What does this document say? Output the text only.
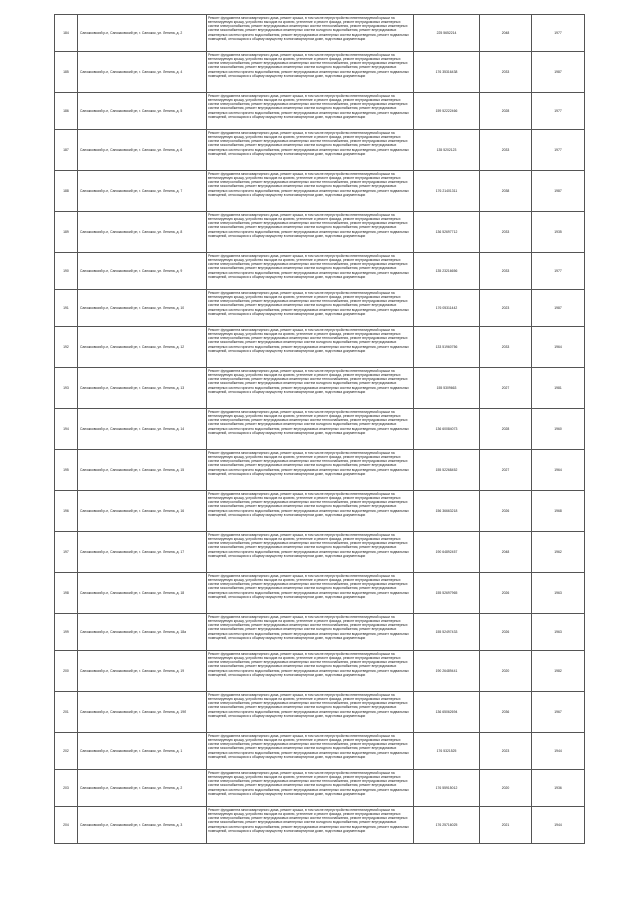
184	Сапожковский р-н, Сапожковский рп, г. Сапожок, ул. Ленина, д. 2	Ремонт фундамента многоквартирного дома, ремонт крыши, в том числе переустройство невентилируемой крыши на вентилируемую крышу, устройство выходов на кровлю, утепление и ремонт фасада, ремонт внутридомовых инженерных систем электроснабжения, ремонт внутридомовых инженерных систем теплоснабжения, ремонт внутридомовых инженерных систем газоснабжения, ремонт внутридомовых инженерных систем холодного водоснабжения, ремонт внутридомовых инженерных систем горячего водоснабжения, ремонт внутридомовых инженерных систем водоотведения, ремонт подвальных помещений, относящихся к общему имуществу в многоквартирном доме, подготовка документации	225 5652214	2048	1977
185	Сапожковский р-н, Сапожковский рп, г. Сапожок, ул. Ленина, д. 4	Ремонт фундамента многоквартирного дома, ремонт крыши, в том числе переустройство невентилируемой крыши на вентилируемую крышу, устройство выходов на кровлю, утепление и ремонт фасада, ремонт внутридомовых инженерных систем электроснабжения, ремонт внутридомовых инженерных систем теплоснабжения, ремонт внутридомовых инженерных систем газоснабжения, ремонт внутридомовых инженерных систем холодного водоснабжения, ремонт внутридомовых инженерных систем горячего водоснабжения, ремонт внутридомовых инженерных систем водоотведения, ремонт подвальных помещений, относящихся к общему имуществу в многоквартирном доме, подготовка документации	176 35316438	2033	1987
186	Сапожковский р-н, Сапожковский рп, г. Сапожок, ул. Ленина, д. 5	Ремонт фундамента многоквартирного дома, ремонт крыши, в том числе переустройство невентилируемой крыши на вентилируемую крышу, устройство выходов на кровлю, утепление и ремонт фасада, ремонт внутридомовых инженерных систем электроснабжения, ремонт внутридомовых инженерных систем теплоснабжения, ремонт внутридомовых инженерных систем газоснабжения, ремонт внутридомовых инженерных систем холодного водоснабжения, ремонт внутридомовых инженерных систем горячего водоснабжения, ремонт внутридомовых инженерных систем водоотведения, ремонт подвальных помещений, относящихся к общему имуществу в многоквартирном доме, подготовка документации	159 52222466	2028	1977
187	Сапожковский р-н, Сапожковский рп, г. Сапожок, ул. Ленина, д. 6	Ремонт фундамента многоквартирного дома, ремонт крыши, в том числе переустройство невентилируемой крыши на вентилируемую крышу, устройство выходов на кровлю, утепление и ремонт фасада, ремонт внутридомовых инженерных систем электроснабжения, ремонт внутридомовых инженерных систем теплоснабжения, ремонт внутридомовых инженерных систем газоснабжения, ремонт внутридомовых инженерных систем холодного водоснабжения, ремонт внутридомовых инженерных систем горячего водоснабжения, ремонт внутридомовых инженерных систем водоотведения, ремонт подвальных помещений, относящихся к общему имуществу в многоквартирном доме, подготовка документации	135 5202123	2033	1977
188	Сапожковский р-н, Сапожковский рп, г. Сапожок, ул. Ленина, д. 7	Ремонт фундамента многоквартирного дома, ремонт крыши, в том числе переустройство невентилируемой крыши на вентилируемую крышу, устройство выходов на кровлю, утепление и ремонт фасада, ремонт внутридомовых инженерных систем электроснабжения, ремонт внутридомовых инженерных систем теплоснабжения, ремонт внутридомовых инженерных систем газоснабжения, ремонт внутридомовых инженерных систем холодного водоснабжения, ремонт внутридомовых инженерных систем горячего водоснабжения, ремонт внутридомовых инженерных систем водоотведения, ремонт подвальных помещений, относящихся к общему имуществу в многоквартирном доме, подготовка документации	176 21401311	2038	1987
189	Сапожковский р-н, Сапожковский рп, г. Сапожок, ул. Ленина, д. 8	Ремонт фундамента многоквартирного дома, ремонт крыши, в том числе переустройство невентилируемой крыши на вентилируемую крышу, устройство выходов на кровлю, утепление и ремонт фасада, ремонт внутридомовых инженерных систем электроснабжения, ремонт внутридомовых инженерных систем теплоснабжения, ремонт внутридомовых инженерных систем газоснабжения, ремонт внутридомовых инженерных систем холодного водоснабжения, ремонт внутридомовых инженерных систем горячего водоснабжения, ремонт внутридомовых инженерных систем водоотведения, ремонт подвальных помещений, относящихся к общему имуществу в многоквартирном доме, подготовка документации	136 52697712	2033	1935
190	Сапожковский р-н, Сапожковский рп, г. Сапожок, ул. Ленина, д. 9	Ремонт фундамента многоквартирного дома, ремонт крыши, в том числе переустройство невентилируемой крыши на вентилируемую крышу, устройство выходов на кровлю, утепление и ремонт фасада, ремонт внутридомовых инженерных систем электроснабжения, ремонт внутридомовых инженерных систем теплоснабжения, ремонт внутридомовых инженерных систем газоснабжения, ремонт внутридомовых инженерных систем холодного водоснабжения, ремонт внутридомовых инженерных систем горячего водоснабжения, ремонт внутридомовых инженерных систем водоотведения, ремонт подвальных помещений, относящихся к общему имуществу в многоквартирном доме, подготовка документации	135 23216656	2033	1977
191	Сапожковский р-н, Сапожковский рп, г. Сапожок, ул. Ленина, д. 10	Ремонт фундамента многоквартирного дома, ремонт крыши, в том числе переустройство невентилируемой крыши на вентилируемую крышу, устройство выходов на кровлю, утепление и ремонт фасада, ремонт внутридомовых инженерных систем электроснабжения, ремонт внутридомовых инженерных систем теплоснабжения, ремонт внутридомовых инженерных систем газоснабжения, ремонт внутридомовых инженерных систем холодного водоснабжения, ремонт внутридомовых инженерных систем горячего водоснабжения, ремонт внутридомовых инженерных систем водоотведения, ремонт подвальных помещений, относящихся к общему имуществу в многоквартирном доме, подготовка документации	176 05311442	2023	1987
192	Сапожковский р-н, Сапожковский рп, г. Сапожок, ул. Ленина, д. 12	Ремонт фундамента многоквартирного дома, ремонт крыши, в том числе переустройство невентилируемой крыши на вентилируемую крышу, устройство выходов на кровлю, утепление и ремонт фасада, ремонт внутридомовых инженерных систем электроснабжения, ремонт внутридомовых инженерных систем теплоснабжения, ремонт внутридомовых инженерных систем газоснабжения, ремонт внутридомовых инженерных систем холодного водоснабжения, ремонт внутридомовых инженерных систем горячего водоснабжения, ремонт внутридомовых инженерных систем водоотведения, ремонт подвальных помещений, относящихся к общему имуществу в многоквартирном доме, подготовка документации	133 51960756	2033	1964
193	Сапожковский р-н, Сапожковский рп, г. Сапожок, ул. Ленина, д. 13	Ремонт фундамента многоквартирного дома, ремонт крыши, в том числе переустройство невентилируемой крыши на вентилируемую крышу, устройство выходов на кровлю, утепление и ремонт фасада, ремонт внутридомовых инженерных систем электроснабжения, ремонт внутридомовых инженерных систем теплоснабжения, ремонт внутридомовых инженерных систем газоснабжения, ремонт внутридомовых инженерных систем холодного водоснабжения, ремонт внутридомовых инженерных систем горячего водоснабжения, ремонт внутридомовых инженерных систем водоотведения, ремонт подвальных помещений, относящихся к общему имуществу в многоквартирном доме, подготовка документации	155 5309663	2027	1981
194	Сапожковский р-н, Сапожковский рп, г. Сапожок, ул. Ленина, д. 14	Ремонт фундамента многоквартирного дома, ремонт крыши, в том числе переустройство невентилируемой крыши на вентилируемую крышу, устройство выходов на кровлю, утепление и ремонт фасада, ремонт внутридомовых инженерных систем электроснабжения, ремонт внутридомовых инженерных систем теплоснабжения, ремонт внутридомовых инженерных систем газоснабжения, ремонт внутридомовых инженерных систем холодного водоснабжения, ремонт внутридомовых инженерных систем горячего водоснабжения, ремонт внутридомовых инженерных систем водоотведения, ремонт подвальных помещений, относящихся к общему имуществу в многоквартирном доме, подготовка документации	136 60084073	2028	1960
195	Сапожковский р-н, Сапожковский рп, г. Сапожок, ул. Ленина, д. 15	Ремонт фундамента многоквартирного дома, ремонт крыши, в том числе переустройство невентилируемой крыши на вентилируемую крышу, устройство выходов на кровлю, утепление и ремонт фасада, ремонт внутридомовых инженерных систем электроснабжения, ремонт внутридомовых инженерных систем теплоснабжения, ремонт внутридомовых инженерных систем газоснабжения, ремонт внутридомовых инженерных систем холодного водоснабжения, ремонт внутридомовых инженерных систем горячего водоснабжения, ремонт внутридомовых инженерных систем водоотведения, ремонт подвальных помещений, относящихся к общему имуществу в многоквартирном доме, подготовка документации	155 52268452	2027	1964
196	Сапожковский р-н, Сапожковский рп, г. Сапожок, ул. Ленина, д. 16	Ремонт фундамента многоквартирного дома, ремонт крыши, в том числе переустройство невентилируемой крыши на вентилируемую крышу, устройство выходов на кровлю, утепление и ремонт фасада, ремонт внутридомовых инженерных систем электроснабжения, ремонт внутридомовых инженерных систем теплоснабжения, ремонт внутридомовых инженерных систем газоснабжения, ремонт внутридомовых инженерных систем холодного водоснабжения, ремонт внутридомовых инженерных систем горячего водоснабжения, ремонт внутридомовых инженерных систем водоотведения, ремонт подвальных помещений, относящихся к общему имуществу в многоквартирном доме, подготовка документации	156 36663218	2026	1968
197	Сапожковский р-н, Сапожковский рп, г. Сапожок, ул. Ленина, д. 17	Ремонт фундамента многоквартирного дома, ремонт крыши, в том числе переустройство невентилируемой крыши на вентилируемую крышу, устройство выходов на кровлю, утепление и ремонт фасада, ремонт внутридомовых инженерных систем электроснабжения, ремонт внутридомовых инженерных систем теплоснабжения, ремонт внутридомовых инженерных систем газоснабжения, ремонт внутридомовых инженерных систем холодного водоснабжения, ремонт внутридомовых инженерных систем горячего водоснабжения, ремонт внутридомовых инженерных систем водоотведения, ремонт подвальных помещений, относящихся к общему имуществу в многоквартирном доме, подготовка документации	190 64892457	2048	1962
198	Сапожковский р-н, Сапожковский рп, г. Сапожок, ул. Ленина, д. 18	Ремонт фундамента многоквартирного дома, ремонт крыши, в том числе переустройство невентилируемой крыши на вентилируемую крышу, устройство выходов на кровлю, утепление и ремонт фасада, ремонт внутридомовых инженерных систем электроснабжения, ремонт внутридомовых инженерных систем теплоснабжения, ремонт внутридомовых инженерных систем газоснабжения, ремонт внутридомовых инженерных систем холодного водоснабжения, ремонт внутридомовых инженерных систем горячего водоснабжения, ремонт внутридомовых инженерных систем водоотведения, ремонт подвальных помещений, относящихся к общему имуществу в многоквартирном доме, подготовка документации	155 52697965	2026	1963
199	Сапожковский р-н, Сапожковский рп, г. Сапожок, ул. Ленина, д. 18а	Ремонт фундамента многоквартирного дома, ремонт крыши, в том числе переустройство невентилируемой крыши на вентилируемую крышу, устройство выходов на кровлю, утепление и ремонт фасада, ремонт внутридомовых инженерных систем электроснабжения, ремонт внутридомовых инженерных систем теплоснабжения, ремонт внутридомовых инженерных систем газоснабжения, ремонт внутридомовых инженерных систем холодного водоснабжения, ремонт внутридомовых инженерных систем горячего водоснабжения, ремонт внутридомовых инженерных систем водоотведения, ремонт подвальных помещений, относящихся к общему имуществу в многоквартирном доме, подготовка документации	155 52497433	2026	1963
200	Сапожковский р-н, Сапожковский рп, г. Сапожок, ул. Ленина, д. 19	Ремонт фундамента многоквартирного дома, ремонт крыши, в том числе переустройство невентилируемой крыши на вентилируемую крышу, устройство выходов на кровлю, утепление и ремонт фасада, ремонт внутридомовых инженерных систем электроснабжения, ремонт внутридомовых инженерных систем теплоснабжения, ремонт внутридомовых инженерных систем газоснабжения, ремонт внутридомовых инженерных систем холодного водоснабжения, ремонт внутридомовых инженерных систем горячего водоснабжения, ремонт внутридомовых инженерных систем водоотведения, ремонт подвальных помещений, относящихся к общему имуществу в многоквартирном доме, подготовка документации	190 26489441	2020	1982
201	Сапожковский р-н, Сапожковский рп, г. Сапожок, ул. Ленина, д. 19б	Ремонт фундамента многоквартирного дома, ремонт крыши, в том числе переустройство невентилируемой крыши на вентилируемую крышу, устройство выходов на кровлю, утепление и ремонт фасада, ремонт внутридомовых инженерных систем электроснабжения, ремонт внутридомовых инженерных систем теплоснабжения, ремонт внутридомовых инженерных систем газоснабжения, ремонт внутридомовых инженерных систем холодного водоснабжения, ремонт внутридомовых инженерных систем горячего водоснабжения, ремонт внутридомовых инженерных систем водоотведения, ремонт подвальных помещений, относящихся к общему имуществу в многоквартирном доме, подготовка документации	136 65062694	2036	1967
202	Сапожковский р-н, Сапожковский рп, г. Сапожок, ул. Ленина, д. 1	Ремонт фундамента многоквартирного дома, ремонт крыши, в том числе переустройство невентилируемой крыши на вентилируемую крышу, устройство выходов на кровлю, утепление и ремонт фасада, ремонт внутридомовых инженерных систем электроснабжения, ремонт внутридомовых инженерных систем теплоснабжения, ремонт внутридомовых инженерных систем газоснабжения, ремонт внутридомовых инженерных систем холодного водоснабжения, ремонт внутридомовых инженерных систем горячего водоснабжения, ремонт внутридомовых инженерных систем водоотведения, ремонт подвальных помещений, относящихся к общему имуществу в многоквартирном доме, подготовка документации	176 5321525	2023	1944
203	Сапожковский р-н, Сапожковский рп, г. Сапожок, ул. Ленина, д. 2	Ремонт фундамента многоквартирного дома, ремонт крыши, в том числе переустройство невентилируемой крыши на вентилируемую крышу, устройство выходов на кровлю, утепление и ремонт фасада, ремонт внутридомовых инженерных систем электроснабжения, ремонт внутридомовых инженерных систем теплоснабжения, ремонт внутридомовых инженерных систем газоснабжения, ремонт внутридомовых инженерных систем холодного водоснабжения, ремонт внутридомовых инженерных систем горячего водоснабжения, ремонт внутридомовых инженерных систем водоотведения, ремонт подвальных помещений, относящихся к общему имуществу в многоквартирном доме, подготовка документации	176 55915012	2020	1936
204	Сапожковский р-н, Сапожковский рп, г. Сапожок, ул. Ленина, д. 3	Ремонт фундамента многоквартирного дома, ремонт крыши, в том числе переустройство невентилируемой крыши на вентилируемую крышу, устройство выходов на кровлю, утепление и ремонт фасада, ремонт внутридомовых инженерных систем электроснабжения, ремонт внутридомовых инженерных систем теплоснабжения, ремонт внутридомовых инженерных систем газоснабжения, ремонт внутридомовых инженерных систем холодного водоснабжения, ремонт внутридомовых инженерных систем горячего водоснабжения, ремонт внутридомовых инженерных систем водоотведения, ремонт подвальных помещений, относящихся к общему имуществу в многоквартирном доме, подготовка документации	176 25716025	2021	1944
